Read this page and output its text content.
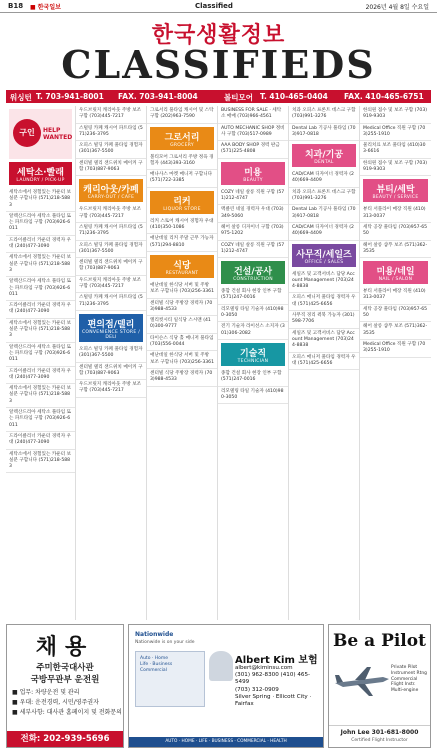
B18 ■ 한국일보	Classified	2026년 4월 8일 수요일
한국생활정보
CLASSIFIEDS
워싱턴 T. 703-941-8001 FAX. 703-941-8004	볼티모어 T. 410-465-0404 FAX. 410-465-6751
구인	HELP
WANTED
세탁소·빨래
LAUNDRY / PICK-UP
세탁소에서 경험있는 카운터 보실분 구합니다 (571)218-5883
알렉산드리아 세탁소 풀타임 또는 파트타임 구함 (703)926-6011
드라이클리너 카운터 경력자 우대 (240)477-3090
세탁소에서 경험있는 카운터 보실분 구합니다 (571)218-5883
알렉산드리아 세탁소 풀타임 또는 파트타임 구함 (703)926-6011
드라이클리너 카운터 경력자 우대 (240)477-3090
세탁소에서 경험있는 카운터 보실분 구합니다 (571)218-5883
알렉산드리아 세탁소 풀타임 또는 파트타임 구함 (703)926-6011
드라이클리너 카운터 경력자 우대 (240)477-3090
세탁소에서 경험있는 카운터 보실분 구합니다 (571)218-5883
알렉산드리아 세탁소 풀타임 또는 파트타임 구함 (703)926-6011
드라이클리너 카운터 경력자 우대 (240)477-3090
세탁소에서 경험있는 카운터 보실분 구합니다 (571)218-5883
우드브릿지 캐리아웃 주방 보조 구함 (703)445-7217
스털링 카페 캐시어 파트타임 (571)236-3795
오피스 빌딩 카페 풀타임 경험자 (301)367-5500
센터빌 델리 샌드위치 메이커 구함 (703)887-9063
캐리아웃/카페
CARRY-OUT / CAFE
우드브릿지 캐리아웃 주방 보조 구함 (703)445-7217
스털링 카페 캐시어 파트타임 (571)236-3795
오피스 빌딩 카페 풀타임 경험자 (301)367-5500
센터빌 델리 샌드위치 메이커 구함 (703)887-9063
우드브릿지 캐리아웃 주방 보조 구함 (703)445-7217
스털링 카페 캐시어 파트타임 (571)236-3795
편의점/델리
CONVENIENCE STORE / DELI
오피스 빌딩 카페 풀타임 경험자 (301)367-5500
센터빌 델리 샌드위치 메이커 구함 (703)887-9063
우드브릿지 캐리아웃 주방 보조 구함 (703)445-7217
그로서리 풀타임 캐시어 및 스탁 구함 (202)963-7590
그로서리
GROCERY
볼티모어 그로서리 주방 정육 경험자 (443)393-3160
매나사스 마켓 매니저 구합니다 (571)722-3385
리커
LIQUOR STORE
리커 스토어 캐시어 경험자 우대 (410)350-1086
애난데일 리커 주말 근무 가능자 (571)294-8810
식당
RESTAURANT
애난데일 한식당 서버 및 주방 보조 구합니다 (703)256-3361
센터빌 식당 주방장 경력자 (703)988-4533
엘리컷시티 일식당 스시맨 (410)300-9777
타이슨스 식당 홀 매니저 풀타임 (703)556-0044
애난데일 한식당 서버 및 주방 보조 구합니다 (703)256-3361
센터빌 식당 주방장 경력자 (703)988-4533
BUSINESS FOR SALE · 세탁소 매매 (703)966-4561
AUTO MECHANIC SHOP 정비사 구함 (703)517-0989
AAA BODY SHOP 경력 판금 (571)225-4808
미용
BEAUTY
COZY 네일 살롱 직원 구함 (571)212-4747
맥클린 네일 경력자 우대 (703)349-5060
헤어 살롱 디자이너 구함 (703)975-1202
COZY 네일 살롱 직원 구함 (571)212-4747
건설/공사
CONSTRUCTION
종합 건설 회사 현장 인부 구함 (571)247-0016
리모델링 타일 기술자 (410)980-3050
전기 기술자 라이선스 소지자 (301)306-2082
기술직
TECHNICIAN
종합 건설 회사 현장 인부 구함 (571)247-0016
리모델링 타일 기술자 (410)980-3050
치과 오피스 프론트 데스크 구함 (703)991-3276
Dental Lab 기공사 풀타임 (703)917-0818
치과/기공
DENTAL
CAD/CAM 디자이너 경력자 (240)669-4409
치과 오피스 프론트 데스크 구함 (703)991-3276
Dental Lab 기공사 풀타임 (703)917-0818
CAD/CAM 디자이너 경력자 (240)669-4409
사무직/세일즈
OFFICE / SALES
세일즈 및 고객서비스 담당 Account Management (703)244-8838
오피스 매니저 풀타임 경력자 우대 (571)425-6656
사무직 경리 퀵북 가능자 (301)598-7706
세일즈 및 고객서비스 담당 Account Management (703)244-8838
오피스 매니저 풀타임 경력자 우대 (571)425-6656
한의원 접수 및 보조 구함 (703)919-9303
Medical Office 직원 구함 (703)255-1910
물리치료 보조 풀타임 (410)303-6616
한의원 접수 및 보조 구함 (703)919-9303
뷰티/세탁
BEAUTY / SERVICE
뷰티 서플라이 매장 직원 (410)313-0037
세탁 공장 풀타임 (703)957-6550
헤어 살롱 샴푸 보조 (571)362-3535
미용/네일
NAIL / SALON
뷰티 서플라이 매장 직원 (410)313-0037
세탁 공장 풀타임 (703)957-6550
헤어 살롱 샴푸 보조 (571)362-3535
Medical Office 직원 구함 (703)255-1910
채용
주미한국대사관
국방무관부 운전원
■ 업무: 차량운전 및 관리
■ 우대: 운전경력, 시민/영주권자
■ 세부사항: 대사관 홈페이지 및 전화문의
전화: 202-939-5696
Nationwide
Nationwide is on your side
Auto · Home
Life · Business
Commercial
Albert Kim 보험
albert@kiminsu.com
(301) 962-8300 (410) 465-5499
(703) 312-0909
Silver Spring · Ellicott City · Fairfax
AUTO · HOME · LIFE · BUSINESS · COMMERCIAL · HEALTH
Be a Pilot
Private Pilot
Instrument Rtng
Commercial
Flight Instr.
Multi-engine
John Lee 301-681-8000
Certified Flight Instructor
